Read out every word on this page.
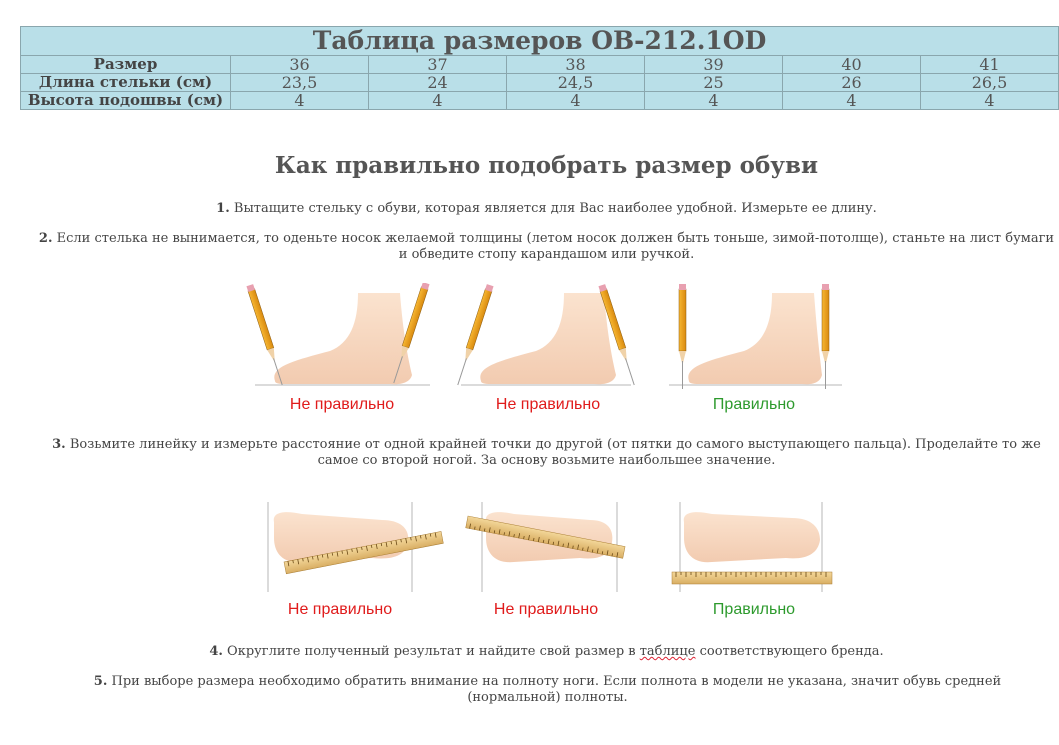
Таблица размеров ОВ-212.1ОD						
Размер	36	37	38	39	40	41
Длина стельки (см)	23,5	24	24,5	25	26	26,5
Высота подошвы (см)	4	4	4	4	4	4
Как правильно подобрать размер обуви
1. Вытащите стельку с обуви, которая является для Вас наиболее удобной. Измерьте ее длину.
2. Если стелька не вынимается, то оденьте носок желаемой толщины (летом носок должен быть тоньше, зимой-потолще), станьте на лист бумаги и обведите стопу карандашом или ручкой.
Не правильно	Не правильно	Правильно
3. Возьмите линейку и измерьте расстояние от одной крайней точки до другой (от пятки до самого выступающего пальца). Проделайте то же самое со второй ногой. За основу возьмите наибольшее значение.
Не правильно	Не правильно	Правильно
4. Округлите полученный результат и найдите свой размер в таблице соответствующего бренда.
5. При выборе размера необходимо обратить внимание на полноту ноги. Если полнота в модели не указана, значит обувь средней (нормальной) полноты.
